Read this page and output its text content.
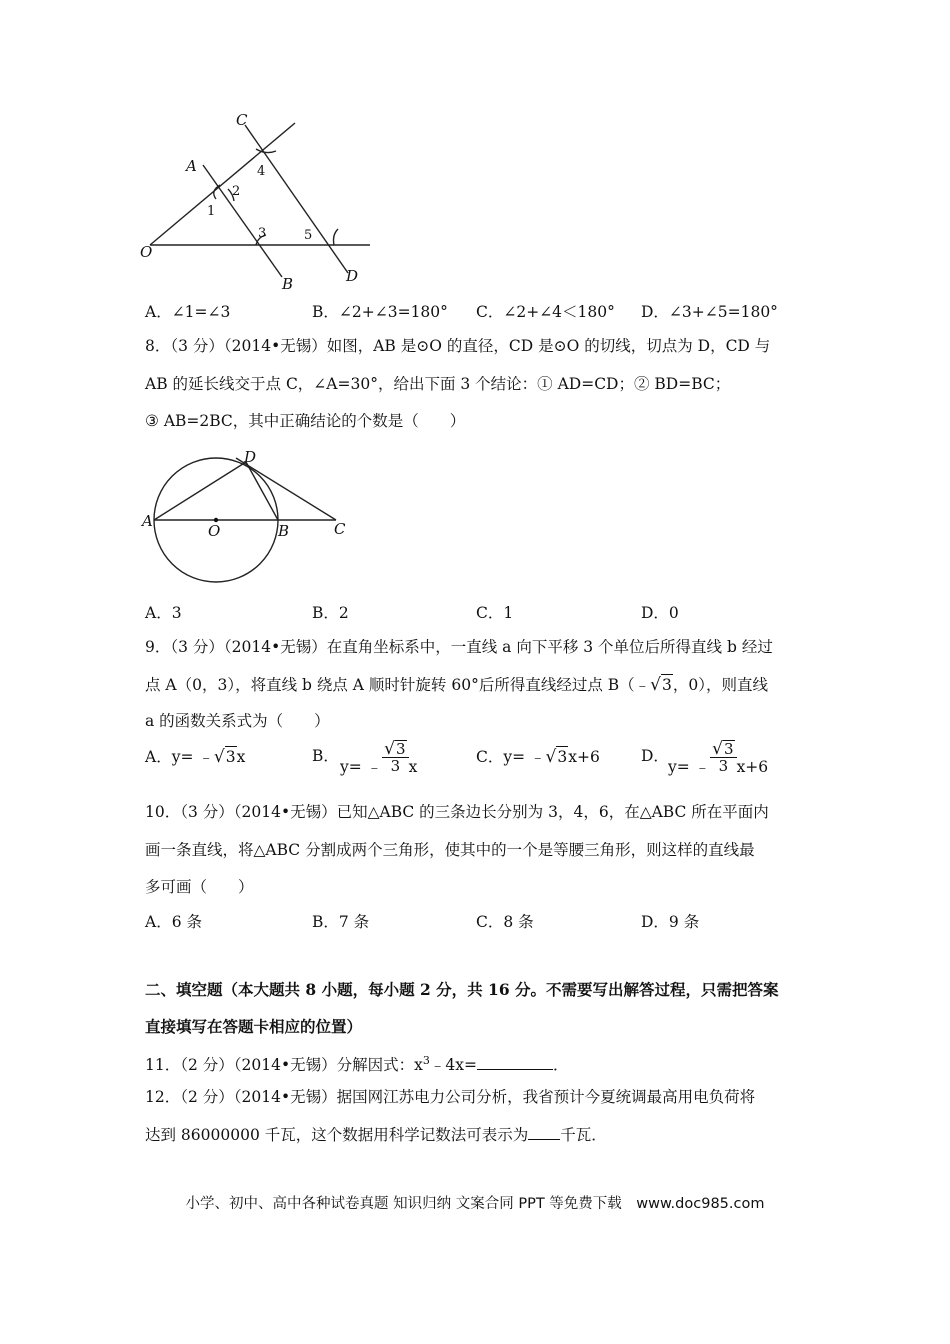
C
A
O
B	D
1
2
3
4
5
A．∠1=∠3	B．∠2+∠3=180° C．∠2+∠4＜180° D．∠3+∠5=180°
8．（3 分）（2014•无锡）如图，AB 是⊙O 的直径，CD 是⊙O 的切线，切点为 D，CD 与
AB 的延长线交于点 C，∠A=30°，给出下面 3 个结论：① AD=CD；② BD=BC；
③ AB=2BC，其中正确结论的个数是（　　）
D
A
O	B	C
A．3	B．2	C．1	D．0
9．（3 分）（2014•无锡）在直角坐标系中，一直线 a 向下平移 3 个单位后所得直线 b 经过
点 A（0，3），将直线 b 绕点 A 顺时针旋转 60°后所得直线经过点 B（﹣√3，0），则直线
a 的函数关系式为（　　）
A．y= ﹣√3x	B．
y= ﹣ $\frac{√3}{3}$ x
C．y= ﹣√3x+6	D．
y= ﹣ $\frac{√3}{3} x+6$
10．（3 分）（2014•无锡）已知△ABC 的三条边长分别为 3，4，6，在△ABC 所在平面内
画一条直线，将△ABC 分割成两个三角形，使其中的一个是等腰三角形，则这样的直线最
多可画（　　）
A．6 条	B．7 条	C．8 条	D．9 条
二、填空题（本大题共 8 小题，每小题 2 分，共 16 分。不需要写出解答过程，只需把答案
直接填写在答题卡相应的位置）
11．（2 分）（2014•无锡）分解因式：$x^3﹣4x=$	．
12．（2 分）（2014•无锡）据国网江苏电力公司分析，我省预计今夏统调最高用电负荷将
达到 86000000 千瓦，这个数据用科学记数法可表示为 千瓦．
小学、初中、高中各种试卷真题 知识归纳 文案合同 PPT 等免费下载　www.doc985.com
